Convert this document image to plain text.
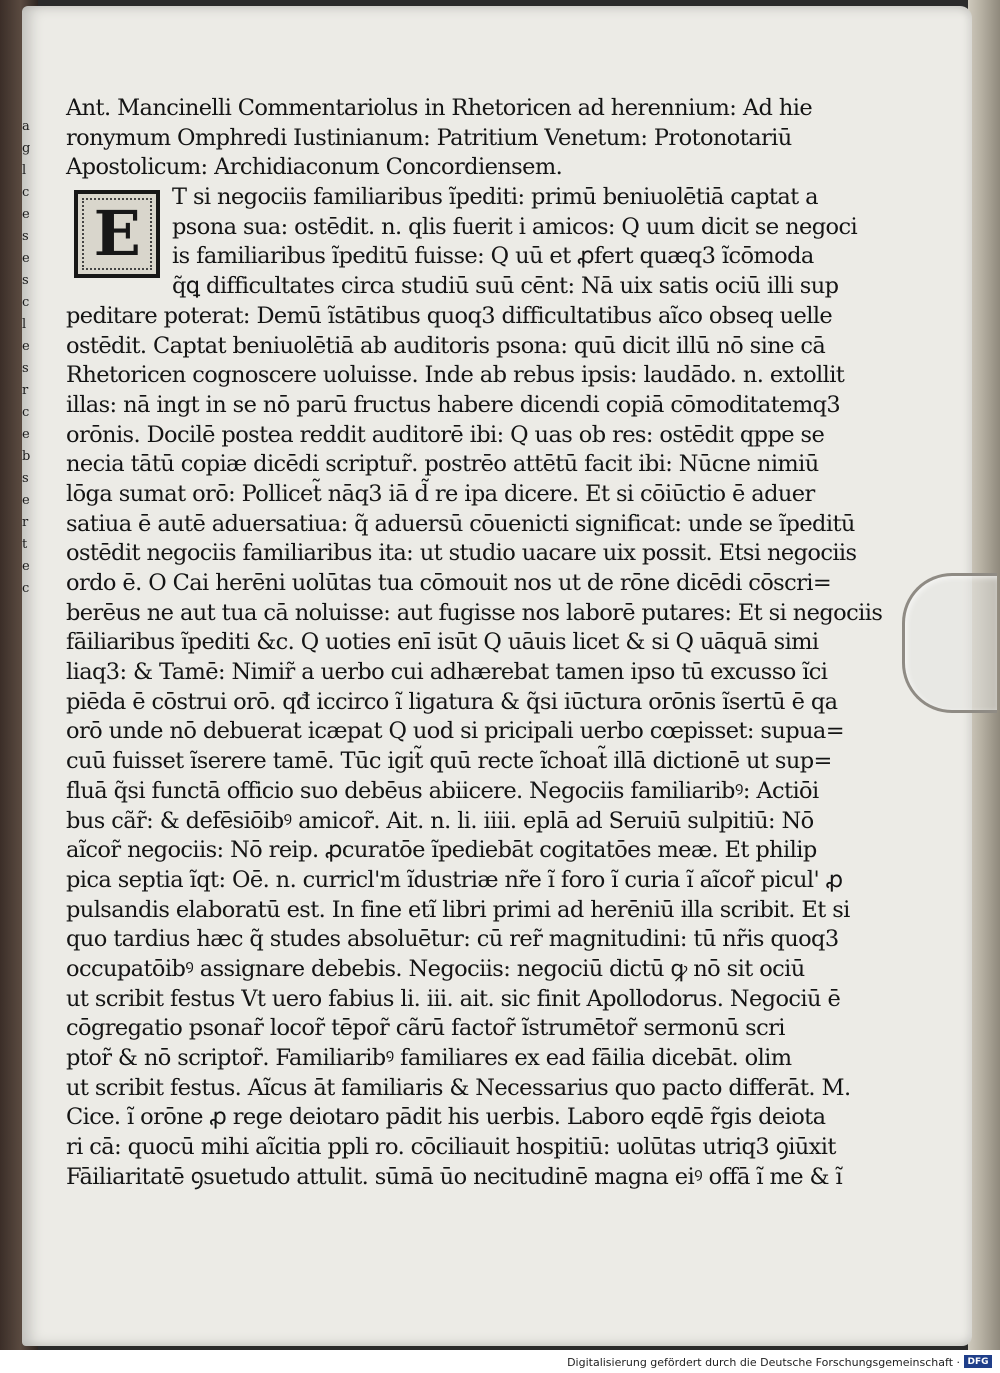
a
g
l
c
e
s
e
s
c
l
e
s
r
c
e
b
s
e
r
t
e
c
Ant. Mancinelli Commentariolus in Rhetoricen ad herennium: Ad hie
ronymum Omphredi Iustinianum: Patritium Venetum: Protonotariū
Apostolicum: Archidiaconum Concordiensem.
T si negociis familiaribus ĩpediti: primū beniuolētiā captat a
psona sua: ostēdit. n. qlis fuerit i amicos: Q uum dicit se negoci
is familiaribus ĩpeditū fuisse: Q uū et ꝓfert quæq3 ĩcōmoda
q̃ꝗ difficultates circa studiū suū cēnt: Nā uix satis ociū illi sup
peditare poterat: Demū ĩstātibus quoq3 difficultatibus aĩco obseq uelle
ostēdit. Captat beniuolētiā ab auditoris psona: quū dicit illū nō sine cā
Rhetoricen cognoscere uoluisse. Inde ab rebus ipsis: laudādo. n. extollit
illas: nā ingt in se nō parū fructus habere dicendi copiā cōmoditatemq3
orōnis. Docilē postea reddit auditorē ibi: Q uas ob res: ostēdit qppe se
necia tātū copiæ dicēdi scriptur̃. postrēo attētū facit ibi: Nūcne nimiū
lōga sumat orō: Pollicet̃ nāq3 iā d̃ re ipa dicere. Et si cōiūctio ē aduer
satiua ē autē aduersatiua: q̃ aduersū cōuenicti significat: unde se ĩpeditū
ostēdit negociis familiaribus ita: ut studio uacare uix possit. Etsi negociis
ordo ē. O Cai herēni uolūtas tua cōmouit nos ut de rōne dicēdi cōscri=
berēus ne aut tua cā noluisse: aut fugisse nos laborē putares: Et si negociis
fāiliaribus ĩpediti &c. Q uoties enī isūt Q uāuis licet & si Q uāquā simi
liaq3: & Tamē: Nimir̃ a uerbo cui adhærebat tamen ipso tū excusso ĩci
piēda ē cōstrui orō. qđ iccirco ĩ ligatura & q̃si iūctura orōnis ĩsertū ē qa
orō unde nō debuerat icæpat Q uod si pricipali uerbo cœpisset: supua=
cuū fuisset ĩserere tamē. Tūc igit̃ quū recte ĩchoat̃ illā dictionē ut sup=
fluā q̃si functā officio suo debēus abiicere. Negociis familiaribꝰ: Actiōi
bus cãr̃: & defēsiōibꝰ amicor̃. Ait. n. li. iiii. eplā ad Seruiū sulpitiū: Nō
aĩcor̃ negociis: Nō reip. ꝓcuratōe ĩpediebāt cogitatōes meæ. Et philip
pica septia ĩqt: Oē. n. curricl'm ĩdustriæ nr̃e ĩ foro ĩ curia ĩ aĩcor̃ picul' ꝓ
pulsandis elaboratū est. In fine etĩ libri primi ad herēniū illa scribit. Et si
quo tardius hæc q̃ studes absoluētur: cū rer̃ magnitudini: tū nr̃is quoq3
occupatōibꝰ assignare debebis. Negociis: negociū dictū ꝙ nō sit ociū
ut scribit festus Vt uero fabius li. iii. ait. sic finit Apollodorus. Negociū ē
cōgregatio psonar̃ locor̃ tēpor̃ cãrū factor̃ ĩstrumētor̃ sermonū scri
ptor̃ & nō scriptor̃. Familiaribꝰ familiares ex ead fāilia dicebāt. olim
ut scribit festus. Aĩcus āt familiaris & Necessarius quo pacto differāt. M.
Cice. ĩ orōne ꝓ rege deiotaro pādit his uerbis. Laboro eqdē r̃gis deiota
ri cā: quocū mihi aĩcitia ppli ro. cōciliauit hospitiū: uolūtas utriq3 ꝯiūxit
Fāiliaritatē ꝯsuetudo attulit. sūmā ūo necitudinē magna eiꝰ offā ĩ me & ĩ
E
Digitalisierung gefördert durch die Deutsche Forschungsgemeinschaft · DFG
